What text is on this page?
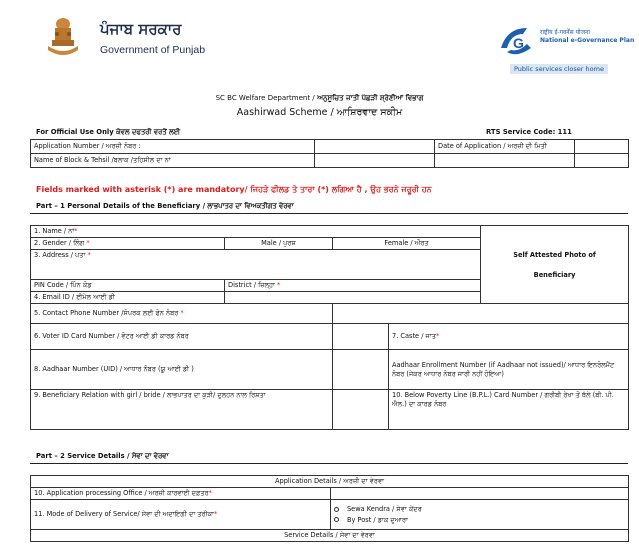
ਪੰਜਾਬ ਸਰਕਾਰ
Government of Punjab	G
राष्ट्रीय ई-गवर्नेंस योजना
National e-Governance Plan
Public services closer home
SC BC Welfare Department / ਅਨੁਸੂਚਿਤ ਜਾਤੀ ਪੱਛੜੀ ਸ਼੍ਰੇਣੀਆਂ ਵਿਭਾਗ
Aashirwad Scheme / ਆਸ਼ਿਰਵਾਦ ਸਕੀਮ
For Official Use Only ਕੇਵਲ ਦਫਤਰੀ ਵਰਤੋਂ ਲਈ	RTS Service Code: 111
Application Number / ਅਰਜ਼ੀ ਨੰਬਰ :		Date of Application / ਅਰਜ਼ੀ ਦੀ ਮਿਤੀ	
Name of Block & Tehsil /ਬਲਾਕ /ਤਹਿਸੀਲ ਦਾ ਨਾਂ			
Fields marked with asterisk (*) are mandatory/ ਜਿਹੜੇ ਫੀਲਡ ਤੇ ਤਾਰਾ (*) ਲਗਿਆ ਹੈ , ਉਹ ਭਰਨੇ ਜਰੂਰੀ ਹਨ
Part – 1 Personal Details of the Beneficiary / ਲਾਭਪਾਤਰ ਦਾ ਵਿਅਕਤੀਗਤ ਵੇਰਵਾ
1. Name / ਨਾਂ*				Self Attested Photo of
Beneficiary

2. Gender / ਲਿੰਗ *	Male / ਪੁਰਸ਼	Female / ਔਰਤ		
3. Address / ਪਤਾ *				
PIN Code / ਪਿੰਨ ਕੋਡ	District / ਜ਼ਿਲ੍ਹਾ *			
4. Email ID / ਈਮੇਲ ਆਈ ਡੀ				
5. Contact Phone Number /ਸੰਪਰਕ ਲਈ ਫੋਨ ਨੰਬਰ *				
6. Voter ID Card Number / ਵੋਟਰ ਆਈ ਡੀ ਕਾਰਡ ਨੰਬਰ			7. Caste / ਜਾਤ*	
8. Aadhaar Number (UID) / ਆਧਾਰ ਨੰਬਰ (ਯੂ ਆਈ ਡੀ )			Aadhaar Enrollment Number (if Aadhaar not issued)/ ਆਧਾਰ ਇਨਰੋਲਮੈਂਟ ਨੰਬਰ (ਜੇਕਰ ਆਧਾਰ ਨੰਬਰ ਜਾਰੀ ਨਹੀਂ ਹੋਇਆ)	
9. Beneficiary Relation with girl / bride / ਲਾਭਪਾਤਰ ਦਾ ਕੁੜੀ/ ਦੁਲਹਨ ਨਾਲ ਰਿਸ਼ਤਾ			10. Below Poverty Line (B.P.L.) Card Number / ਗਰੀਬੀ ਰੇਖਾ ਤੋਂ ਥੱਲੇ (ਬੀ. ਪੀ. ਐਲ.) ਦਾ ਕਾਰਡ ਨੰਬਰ	
Part – 2 Service Details / ਸੇਵਾ ਦਾ ਵੇਰਵਾ
Application Details / ਅਰਜ਼ੀ ਦਾ ਵੇਰਵਾ	
10. Application processing Office / ਅਰਜ਼ੀ ਕਾਰਵਾਈ ਦਫ਼ਤਰ*	
11. Mode of Delivery of Service/ ਸੇਵਾ ਦੀ ਅਦਾਇਗੀ ਦਾ ਤਰੀਕਾ*	Sewa Kendra / ਸੇਵਾ ਕੇਂਦਰ
By Post / ਡਾਕ ਦੁਆਰਾ

Service Details / ਸੇਵਾ ਦਾ ਵੇਰਵਾ	
